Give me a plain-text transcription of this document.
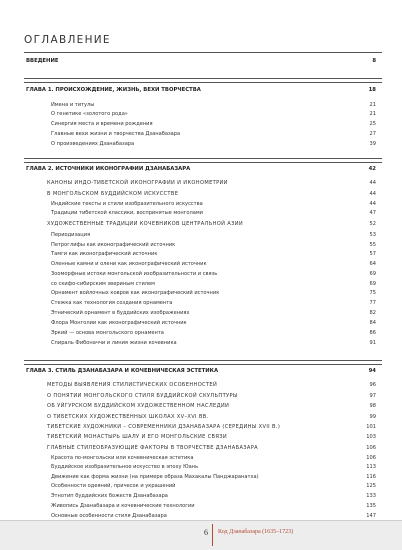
ОГЛАВЛЕНИЕ
ВВЕДЕНИЕ	8
ГЛАВА 1. ПРОИСХОЖДЕНИЕ, ЖИЗНЬ, ВЕХИ ТВОРЧЕСТВА	18
Имена и титулы	21
О генетике «золотого рода»	21
Синергия места и времени рождения	25
Главные вехи жизни и творчества Дзанабазара	27
О произведениях Дзанабазара	39
ГЛАВА 2. ИСТОЧНИКИ ИКОНОГРАФИИ ДЗАНАБАЗАРА	42
КАНОНЫ ИНДО-ТИБЕТСКОЙ ИКОНОГРАФИИ И ИКОНОМЕТРИИ	44
В МОНГОЛЬСКОМ БУДДИЙСКОМ ИСКУССТВЕ	44
Индийские тексты и стили изобразительного искусства	44
Традиции тибетской классики, воспринятые монголами	47
ХУДОЖЕСТВЕННЫЕ ТРАДИЦИИ КОЧЕВНИКОВ ЦЕНТРАЛЬНОЙ АЗИИ	52
Периодизация	53
Петроглифы как иконографический источник	55
Тамги как иконографический источник	57
Оленные камни и олени как иконографический источник	64
Зооморфные истоки монгольской изобразительности и связь	69
со скифо-сибирским звериным стилем	69
Орнамент войлочных ковров как иконографический источник	75
Стежка как технология создания орнамента	77
Этнический орнамент в буддийских изображениях	82
Флора Монголии как иконографический источник	84
Эркий — основа монгольского орнамента	86
Спираль Фибоначчи и линия жизни кочевника	91
ГЛАВА 3. СТИЛЬ ДЗАНАБАЗАРА И КОЧЕВНИЧЕСКАЯ ЭСТЕТИКА	94
МЕТОДЫ ВЫЯВЛЕНИЯ СТИЛИСТИЧЕСКИХ ОСОБЕННОСТЕЙ	96
О ПОНЯТИИ МОНГОЛЬСКОГО СТИЛЯ БУДДИЙСКОЙ СКУЛЬПТУРЫ	97
ОБ УЙГУРСКОМ БУДДИЙСКОМ ХУДОЖЕСТВЕННОМ НАСЛЕДИИ	98
О ТИБЕТСКИХ ХУДОЖЕСТВЕННЫХ ШКОЛАХ XV–XVI ВВ.	99
ТИБЕТСКИЕ ХУДОЖНИКИ – СОВРЕМЕННИКИ ДЗАНАБАЗАРА (СЕРЕДИНЫ XVII В.)	101
ТИБЕТСКИЙ МОНАСТЫРЬ ШАЛУ И ЕГО МОНГОЛЬСКИЕ СВЯЗИ	103
ГЛАВНЫЕ СТИЛЕОБРАЗУЮЩИЕ ФАКТОРЫ В ТВОРЧЕСТВЕ ДЗАНАБАЗАРА	106
Красота по-монгольски или кочевническая эстетика	106
Буддийское изобразительное искусство в эпоху Юань	113
Движение как форма жизни (на примере образа Махакалы Панджаранатха)	116
Особенности одеяний, причесок и украшений	125
Этнотип буддийских божеств Дзанабазара	133
Живопись Дзанабазара и кочевнические технологии	135
Основные особенности стиля Дзанабазара	147
6 Код Дзанабазара (1635–1723)
